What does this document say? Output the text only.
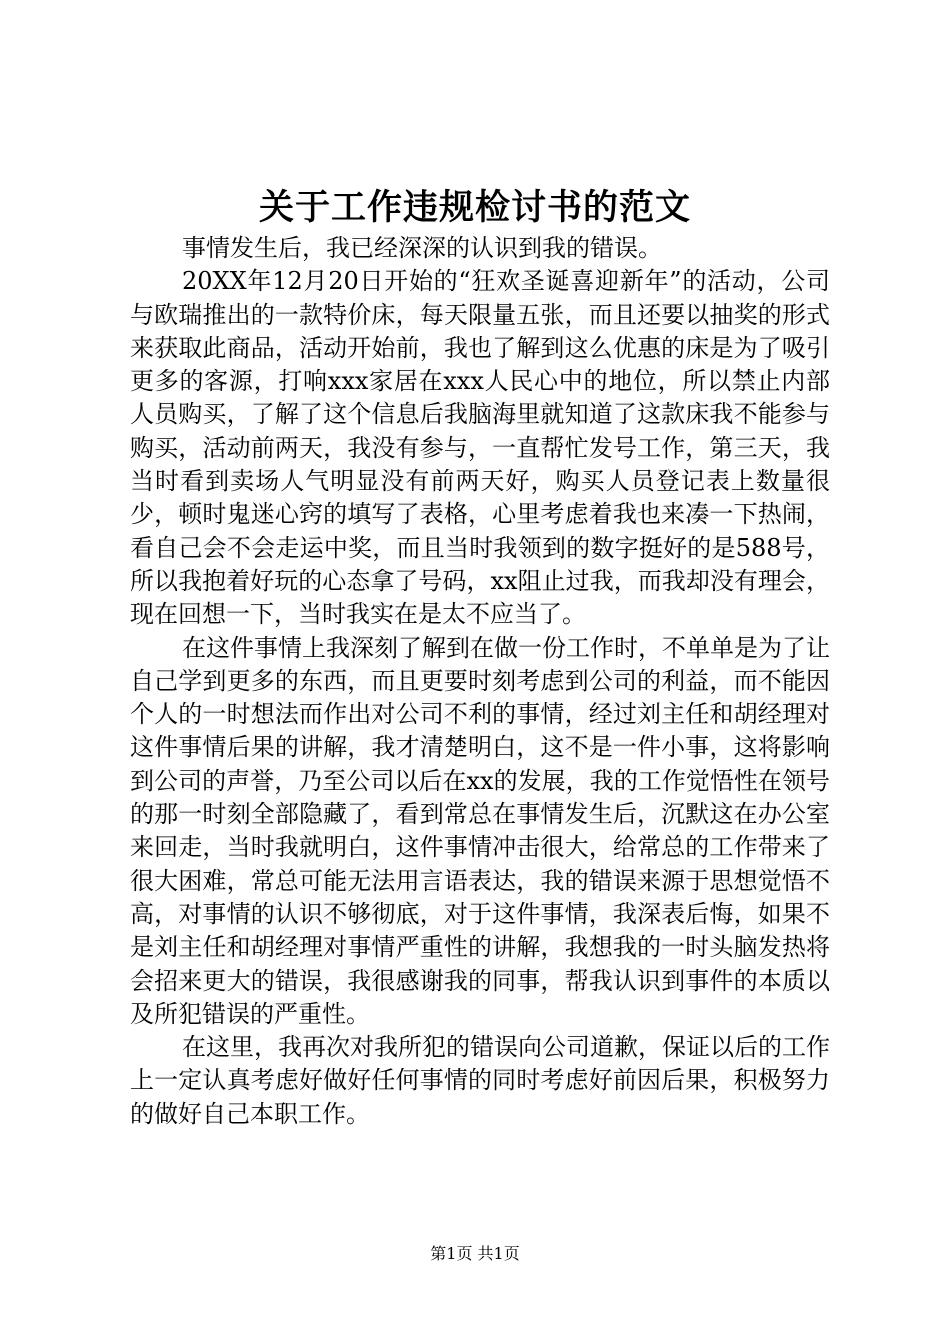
关于工作违规检讨书的范文

事情发生后，我已经深深的认识到我的错误。

20XX年12月20日开始的“狂欢圣诞喜迎新年”的活动，公司与欧瑞推出的一款特价床，每天限量五张，而且还要以抽奖的形式来获取此商品，活动开始前，我也了解到这么优惠的床是为了吸引更多的客源，打响xxx家居在xxx人民心中的地位，所以禁止内部人员购买，了解了这个信息后我脑海里就知道了这款床我不能参与购买，活动前两天，我没有参与，一直帮忙发号工作，第三天，我当时看到卖场人气明显没有前两天好，购买人员登记表上数量很少，顿时鬼迷心窍的填写了表格，心里考虑着我也来凑一下热闹，看自己会不会走运中奖，而且当时我领到的数字挺好的是588号，所以我抱着好玩的心态拿了号码，xx阻止过我，而我却没有理会，现在回想一下，当时我实在是太不应当了。

在这件事情上我深刻了解到在做一份工作时，不单单是为了让自己学到更多的东西，而且更要时刻考虑到公司的利益，而不能因个人的一时想法而作出对公司不利的事情，经过刘主任和胡经理对这件事情后果的讲解，我才清楚明白，这不是一件小事，这将影响到公司的声誉，乃至公司以后在xx的发展，我的工作觉悟性在领号的那一时刻全部隐藏了，看到常总在事情发生后，沉默这在办公室来回走，当时我就明白，这件事情冲击很大，给常总的工作带来了很大困难，常总可能无法用言语表达，我的错误来源于思想觉悟不高，对事情的认识不够彻底，对于这件事情，我深表后悔，如果不是刘主任和胡经理对事情严重性的讲解，我想我的一时头脑发热将会招来更大的错误，我很感谢我的同事，帮我认识到事件的本质以及所犯错误的严重性。

在这里，我再次对我所犯的错误向公司道歉，保证以后的工作上一定认真考虑好做好任何事情的同时考虑好前因后果，积极努力的做好自己本职工作。

第1页 共1页
